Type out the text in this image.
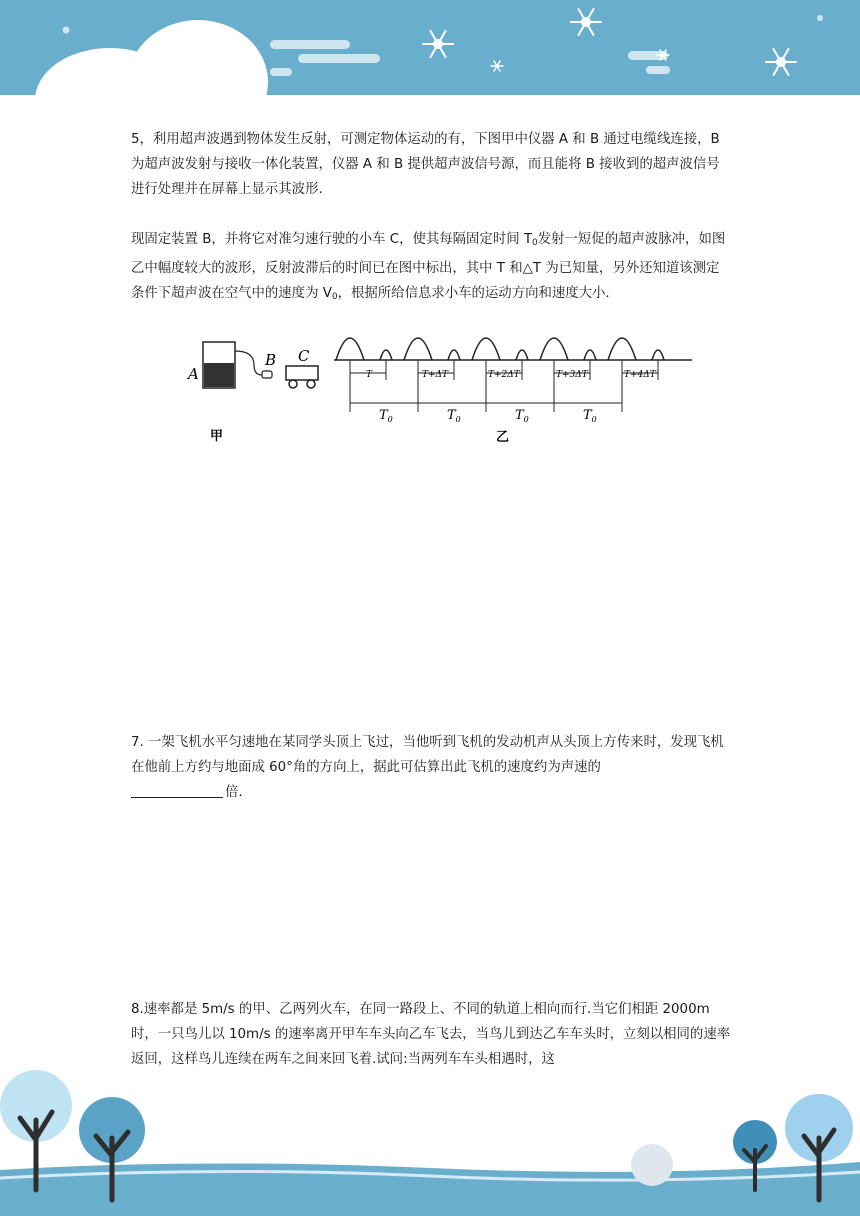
5，利用超声波遇到物体发生反射，可测定物体运动的有，下图甲中仪器 A 和 B 通过电缆线连接，B 为超声波发射与接收一体化装置，仪器 A 和 B 提供超声波信号源，而且能将 B 接收到的超声波信号进行处理并在屏幕上显示其波形.

现固定装置 B，并将它对准匀速行驶的小车 C，使其每隔固定时间 $T_0$发射一短促的超声波脉冲，如图乙中幅度较大的波形，反射波滞后的时间已在图中标出，其中 T 和△T 为已知量，另外还知道该测定条件下超声波在空气中的速度为 $V_0$，根据所给信息求小车的运动方向和速度大小.

A
B C
甲
T	T+ΔT	T+2ΔT	T+3ΔT	T+4ΔT
$T_0$	$T_0$	$T_0$	$T_0$
乙

7. 一架飞机水平匀速地在某同学头顶上飞过，当他听到飞机的发动机声从头顶上方传来时，发现飞机在他前上方约与地面成 60°角的方向上，据此可估算出此飞机的速度约为声速的
倍.

8.速率都是 5m/s 的甲、乙两列火车，在同一路段上、不同的轨道上相向而行.当它们相距 2000m 时，一只鸟儿以 10m/s 的速率离开甲车车头向乙车飞去，当鸟儿到达乙车车头时，立刻以相同的速率返回，这样鸟儿连续在两车之间来回飞着.试问:当两列车车头相遇时，这
